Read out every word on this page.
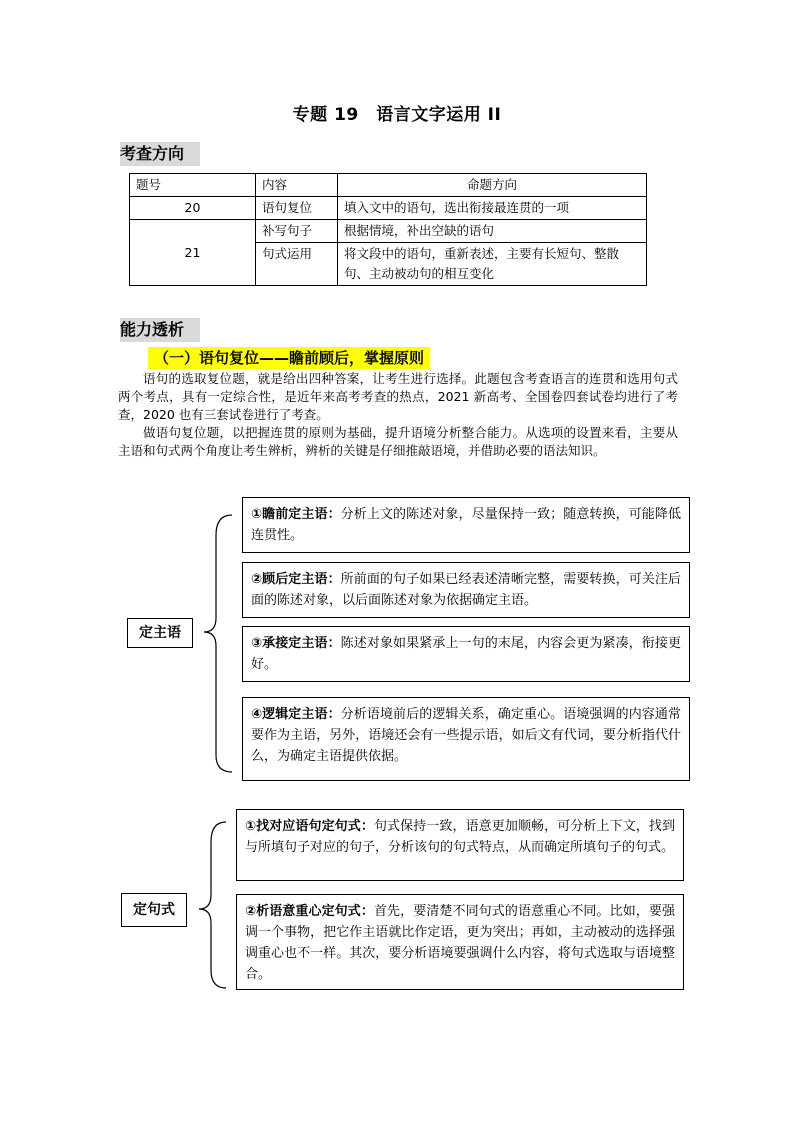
专题 19　语言文字运用 II
考查方向
题号	内容	命题方向
20	语句复位	填入文中的语句，选出衔接最连贯的一项
21	补写句子	根据情境，补出空缺的语句
	句式运用	将文段中的语句，重新表述，主要有长短句、整散句、主动被动句的相互变化
能力透析
（一）语句复位——瞻前顾后，掌握原则

语句的选取复位题，就是给出四种答案，让考生进行选择。此题包含考查语言的连贯和选用句式两个考点，具有一定综合性，是近年来高考考查的热点，2021 新高考、全国卷四套试卷均进行了考查，2020 也有三套试卷进行了考查。

做语句复位题，以把握连贯的原则为基础，提升语境分析整合能力。从选项的设置来看，主要从主语和句式两个角度让考生辨析，辨析的关键是仔细推敲语境，并借助必要的语法知识。

定主语
①瞻前定主语：分析上文的陈述对象，尽量保持一致；随意转换，可能降低连贯性。
②顾后定主语：所前面的句子如果已经表述清晰完整，需要转换，可关注后面的陈述对象，以后面陈述对象为依据确定主语。
③承接定主语：陈述对象如果紧承上一句的末尾，内容会更为紧凑，衔接更好。
④逻辑定主语：分析语境前后的逻辑关系，确定重心。语境强调的内容通常要作为主语，另外，语境还会有一些提示语，如后文有代词，要分析指代什么，为确定主语提供依据。
定句式
①找对应语句定句式：句式保持一致，语意更加顺畅，可分析上下文，找到与所填句子对应的句子，分析该句的句式特点，从而确定所填句子的句式。
②析语意重心定句式：首先，要清楚不同句式的语意重心不同。比如，要强调一个事物，把它作主语就比作定语，更为突出；再如，主动被动的选择强调重心也不一样。其次，要分析语境要强调什么内容，将句式选取与语境整合。
